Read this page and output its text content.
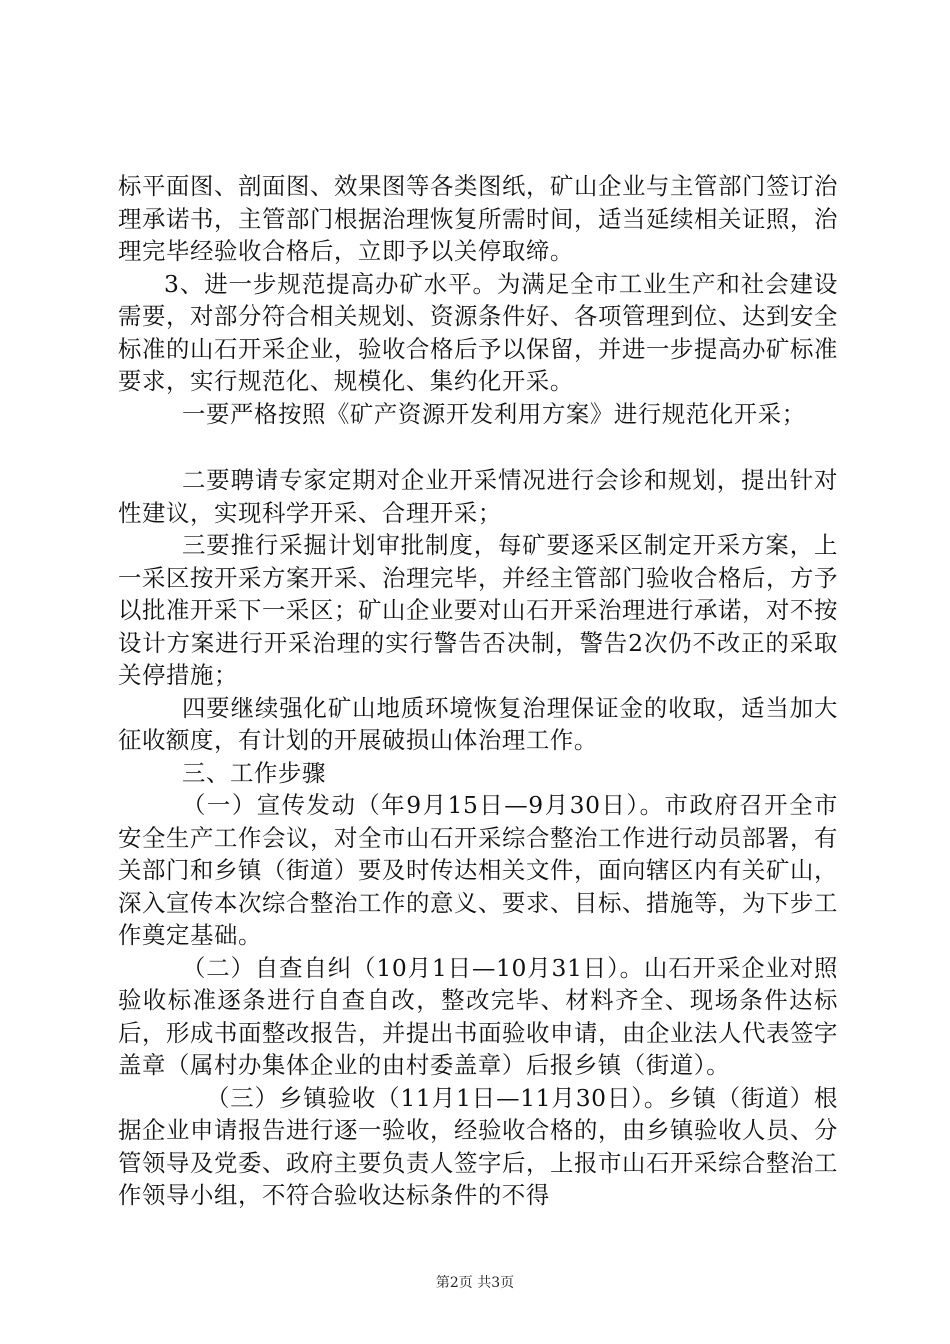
标平面图、剖面图、效果图等各类图纸，矿山企业与主管部门签订治理承诺书，主管部门根据治理恢复所需时间，适当延续相关证照，治理完毕经验收合格后，立即予以关停取缔。

3、进一步规范提高办矿水平。为满足全市工业生产和社会建设需要，对部分符合相关规划、资源条件好、各项管理到位、达到安全标准的山石开采企业，验收合格后予以保留，并进一步提高办矿标准要求，实行规范化、规模化、集约化开采。

一要严格按照《矿产资源开发利用方案》进行规范化开采；

二要聘请专家定期对企业开采情况进行会诊和规划，提出针对性建议，实现科学开采、合理开采；

三要推行采掘计划审批制度，每矿要逐采区制定开采方案，上一采区按开采方案开采、治理完毕，并经主管部门验收合格后，方予以批准开采下一采区；矿山企业要对山石开采治理进行承诺，对不按设计方案进行开采治理的实行警告否决制，警告2次仍不改正的采取关停措施；

四要继续强化矿山地质环境恢复治理保证金的收取，适当加大征收额度，有计划的开展破损山体治理工作。

三、工作步骤

（一）宣传发动（年9月15日—9月30日）。市政府召开全市安全生产工作会议，对全市山石开采综合整治工作进行动员部署，有关部门和乡镇（街道）要及时传达相关文件，面向辖区内有关矿山，深入宣传本次综合整治工作的意义、要求、目标、措施等，为下步工作奠定基础。

（二）自查自纠（10月1日—10月31日）。山石开采企业对照验收标准逐条进行自查自改，整改完毕、材料齐全、现场条件达标后，形成书面整改报告，并提出书面验收申请，由企业法人代表签字盖章（属村办集体企业的由村委盖章）后报乡镇（街道）。

（三）乡镇验收（11月1日—11月30日）。乡镇（街道）根据企业申请报告进行逐一验收，经验收合格的，由乡镇验收人员、分管领导及党委、政府主要负责人签字后，上报市山石开采综合整治工作领导小组，不符合验收达标条件的不得

第2页 共3页
